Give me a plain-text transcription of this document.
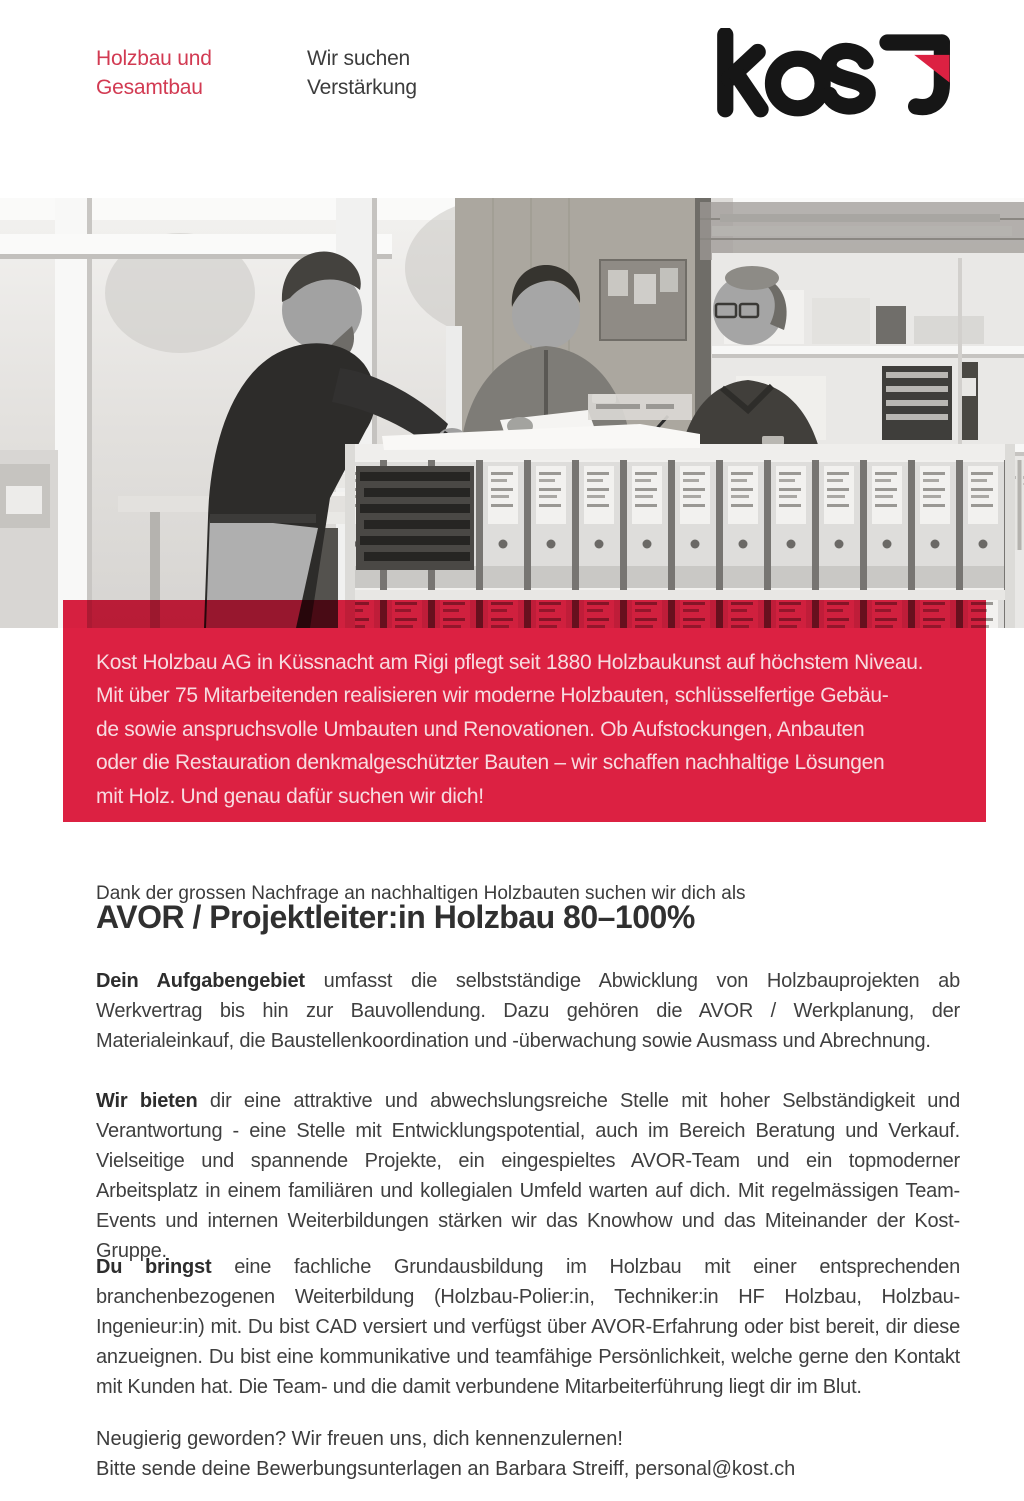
Holzbau und
Gesamtbau
Wir suchen
Verstärkung
Kost Holzbau AG in Küssnacht am Rigi pflegt seit 1880 Holzbaukunst auf höchstem Niveau.
Mit über 75 Mitarbeitenden realisieren wir moderne Holzbauten, schlüsselfertige Gebäu-
de sowie anspruchsvolle Umbauten und Renovationen. Ob Aufstockungen, Anbauten
oder die Restauration denkmalgeschützter Bauten – wir schaffen nachhaltige Lösungen
mit Holz. Und genau dafür suchen wir dich!

Dank der grossen Nachfrage an nachhaltigen Holzbauten suchen wir dich als

AVOR / Projektleiter:in Holzbau 80–100%

Dein Aufgabengebiet umfasst die selbstständige Abwicklung von Holzbauprojekten ab Werkvertrag bis hin zur Bauvollendung. Dazu gehören die AVOR / Werkplanung, der Materialeinkauf, die Baustellenkoordination und -überwachung sowie Ausmass und Abrechnung.

Wir bieten dir eine attraktive und abwechslungsreiche Stelle mit hoher Selbständigkeit und Verantwortung - eine Stelle mit Entwicklungspotential, auch im Bereich Beratung und Verkauf. Vielseitige und spannende Projekte, ein eingespieltes AVOR-Team und ein topmoderner Arbeitsplatz in einem familiären und kollegialen Umfeld warten auf dich. Mit regelmässigen Team-Events und internen Weiterbildungen stärken wir das Knowhow und das Miteinander der Kost-Gruppe.

Du bringst eine fachliche Grundausbildung im Holzbau mit einer entsprechenden branchenbezogenen Weiterbildung (Holzbau-Polier:in, Techniker:in HF Holzbau, Holzbau-Ingenieur:in) mit. Du bist CAD versiert und verfügst über AVOR-Erfahrung oder bist bereit, dir diese anzueignen. Du bist eine kommunikative und teamfähige Persönlichkeit, welche gerne den Kontakt mit Kunden hat. Die Team- und die damit verbundene Mitarbeiterführung liegt dir im Blut.

Neugierig geworden? Wir freuen uns, dich kennenzulernen!
Bitte sende deine Bewerbungsunterlagen an Barbara Streiff, personal@kost.ch
